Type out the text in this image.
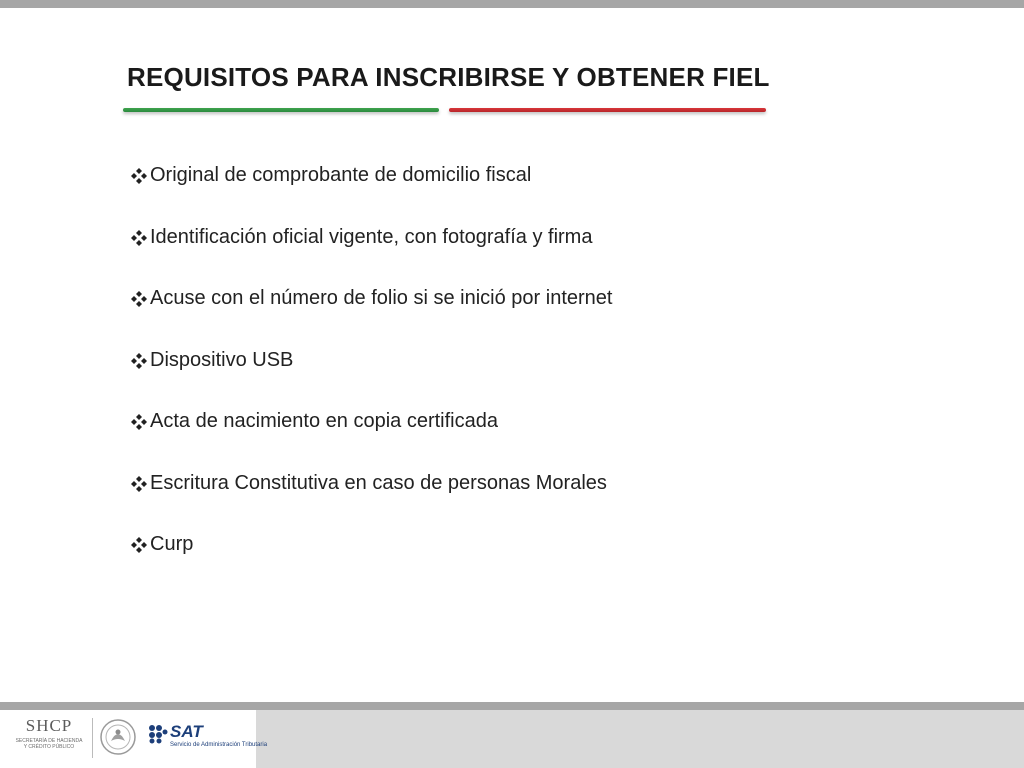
REQUISITOS PARA INSCRIBIRSE Y OBTENER FIEL
Original de comprobante de domicilio fiscal
Identificación oficial vigente, con fotografía y firma
Acuse con el número de folio si se inició por internet
Dispositivo USB
Acta de nacimiento en copia certificada
Escritura Constitutiva en caso de personas Morales
Curp
SHCP
SECRETARÍA DE HACIENDA Y CRÉDITO PÚBLICO
SAT
Servicio de Administración Tributaria
